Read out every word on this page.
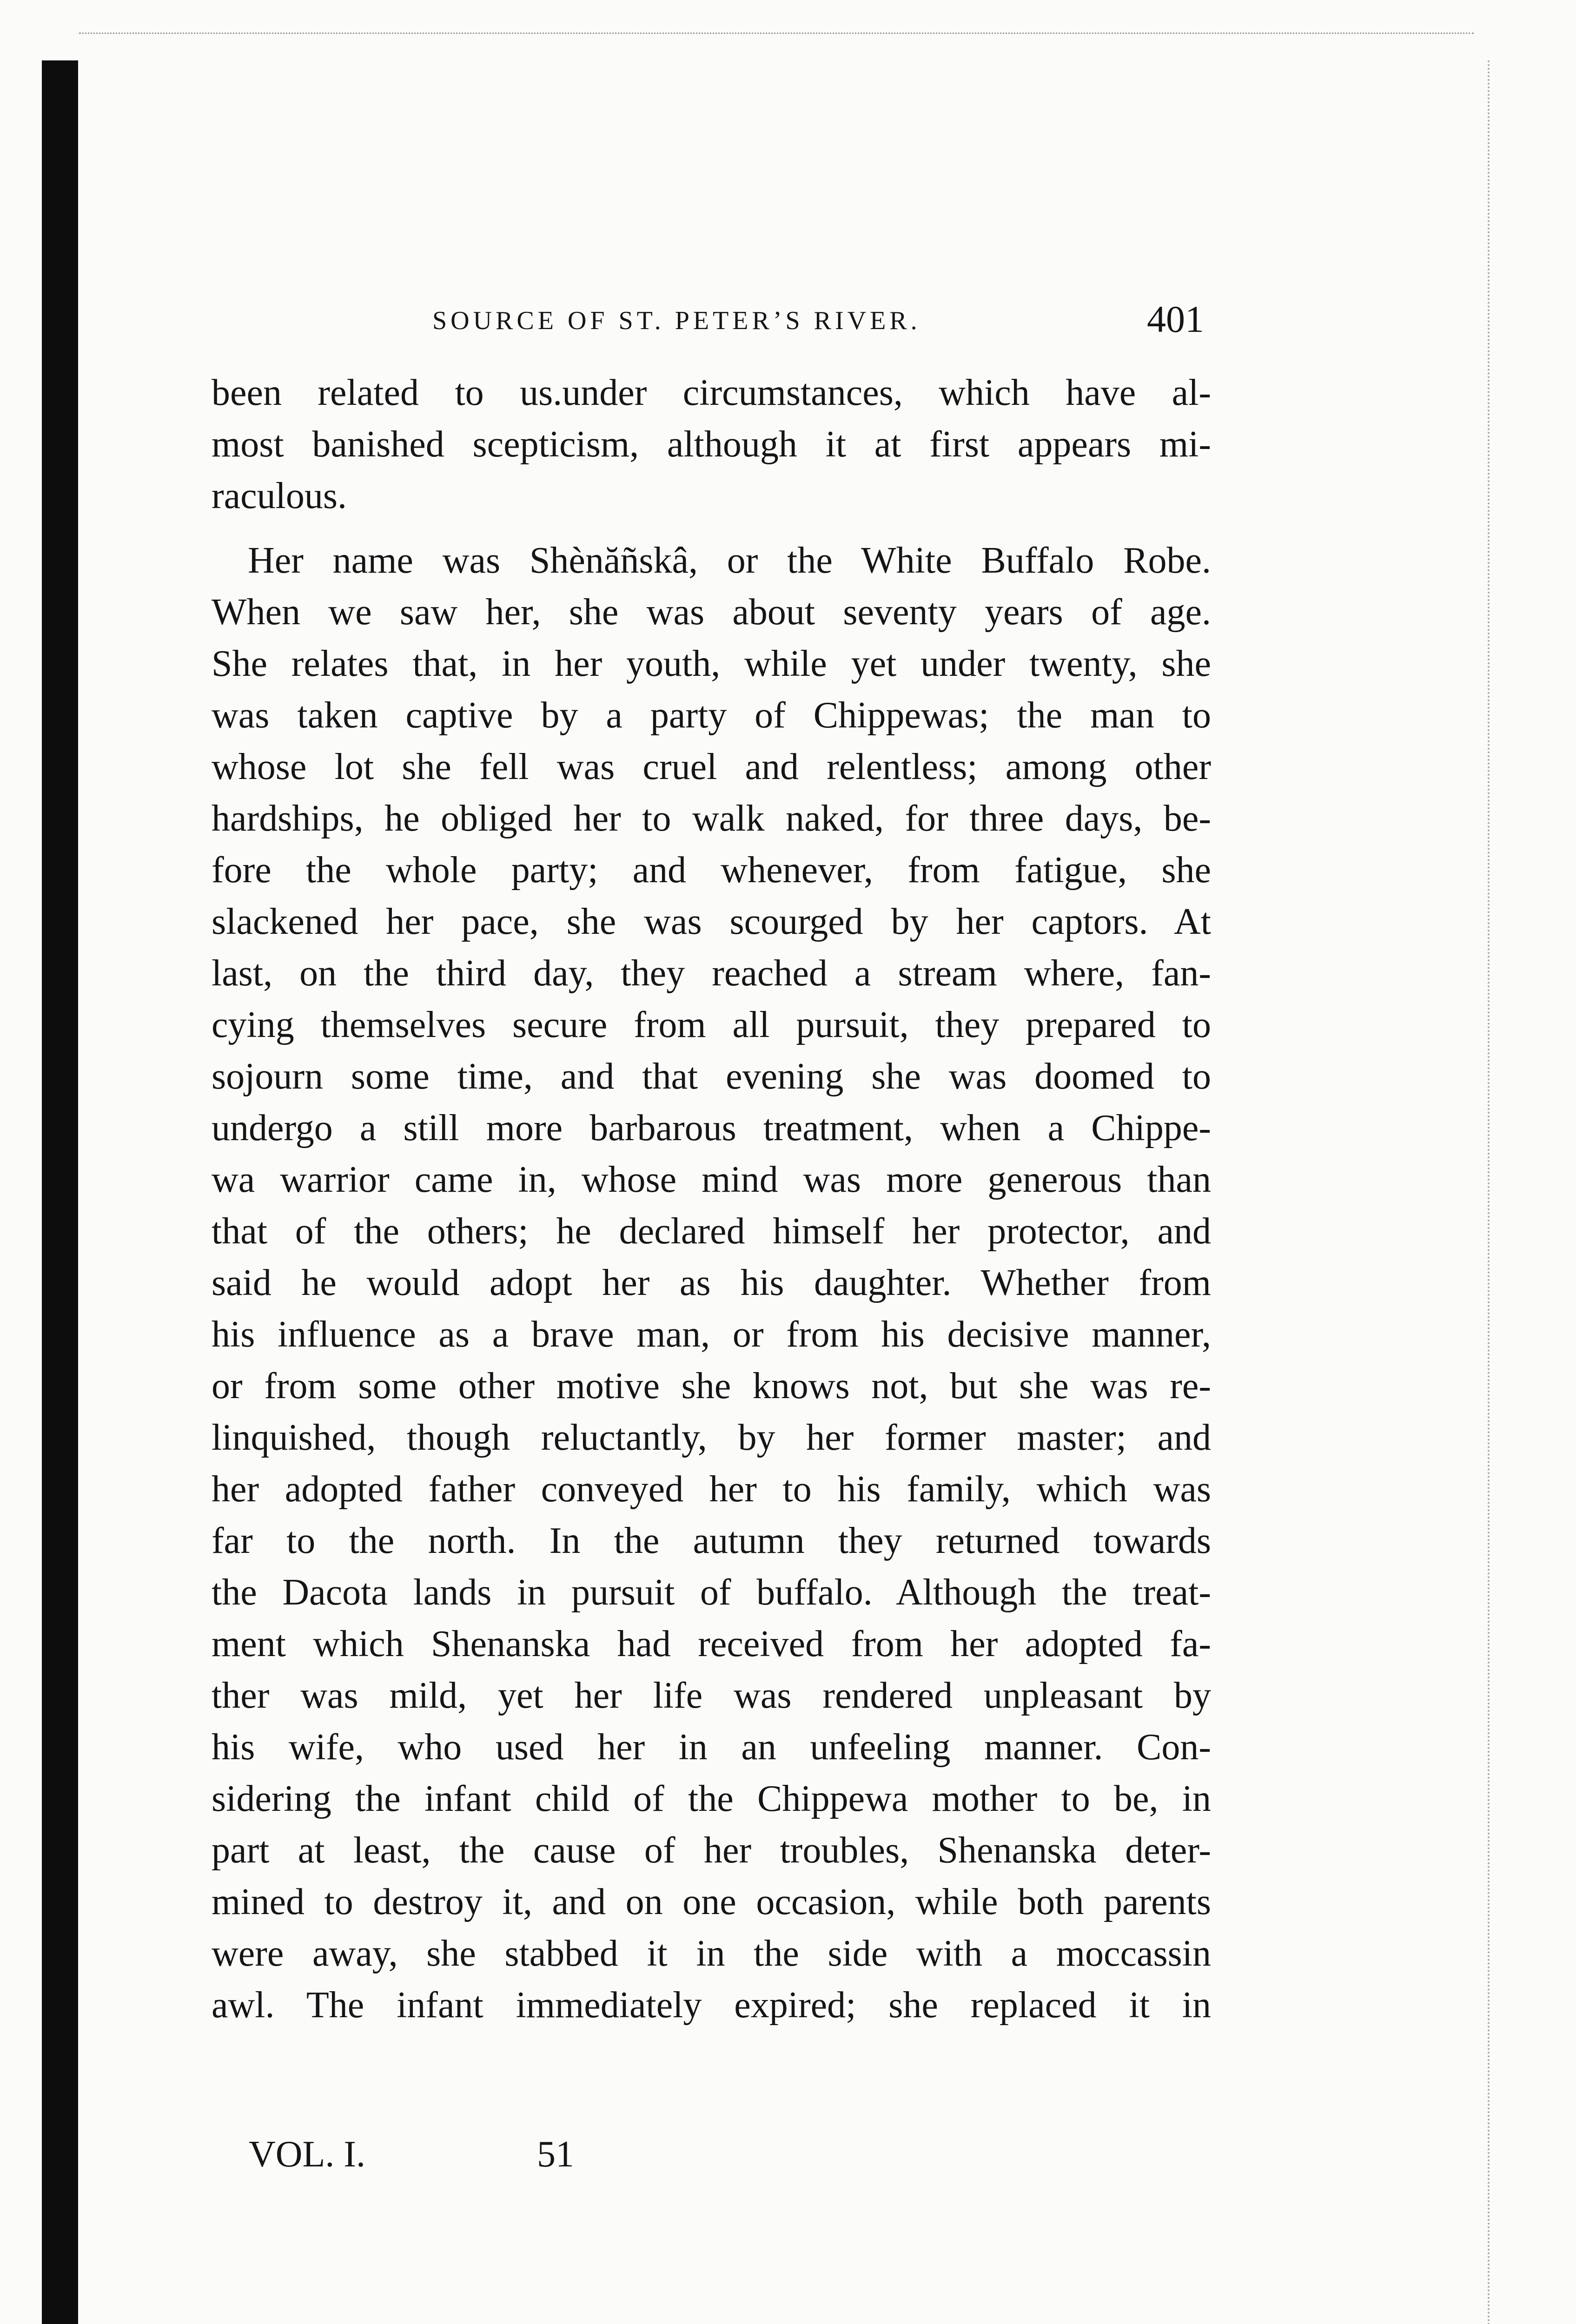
SOURCE OF ST. PETER’S RIVER.	401
been related to us.under circumstances, which have al-
most banished scepticism, although it at first appears mi-
raculous.
Her name was Shènăñskâ, or the White Buffalo Robe.
When we saw her, she was about seventy years of age.
She relates that, in her youth, while yet under twenty, she
was taken captive by a party of Chippewas; the man to
whose lot she fell was cruel and relentless; among other
hardships, he obliged her to walk naked, for three days, be-
fore the whole party; and whenever, from fatigue, she
slackened her pace, she was scourged by her captors. At
last, on the third day, they reached a stream where, fan-
cying themselves secure from all pursuit, they prepared to
sojourn some time, and that evening she was doomed to
undergo a still more barbarous treatment, when a Chippe-
wa warrior came in, whose mind was more generous than
that of the others; he declared himself her protector, and
said he would adopt her as his daughter. Whether from
his influence as a brave man, or from his decisive manner,
or from some other motive she knows not, but she was re-
linquished, though reluctantly, by her former master; and
her adopted father conveyed her to his family, which was
far to the north. In the autumn they returned towards
the Dacota lands in pursuit of buffalo. Although the treat-
ment which Shenanska had received from her adopted fa-
ther was mild, yet her life was rendered unpleasant by
his wife, who used her in an unfeeling manner. Con-
sidering the infant child of the Chippewa mother to be, in
part at least, the cause of her troubles, Shenanska deter-
mined to destroy it, and on one occasion, while both parents
were away, she stabbed it in the side with a moccassin
awl. The infant immediately expired; she replaced it in
VOL. I.	51
